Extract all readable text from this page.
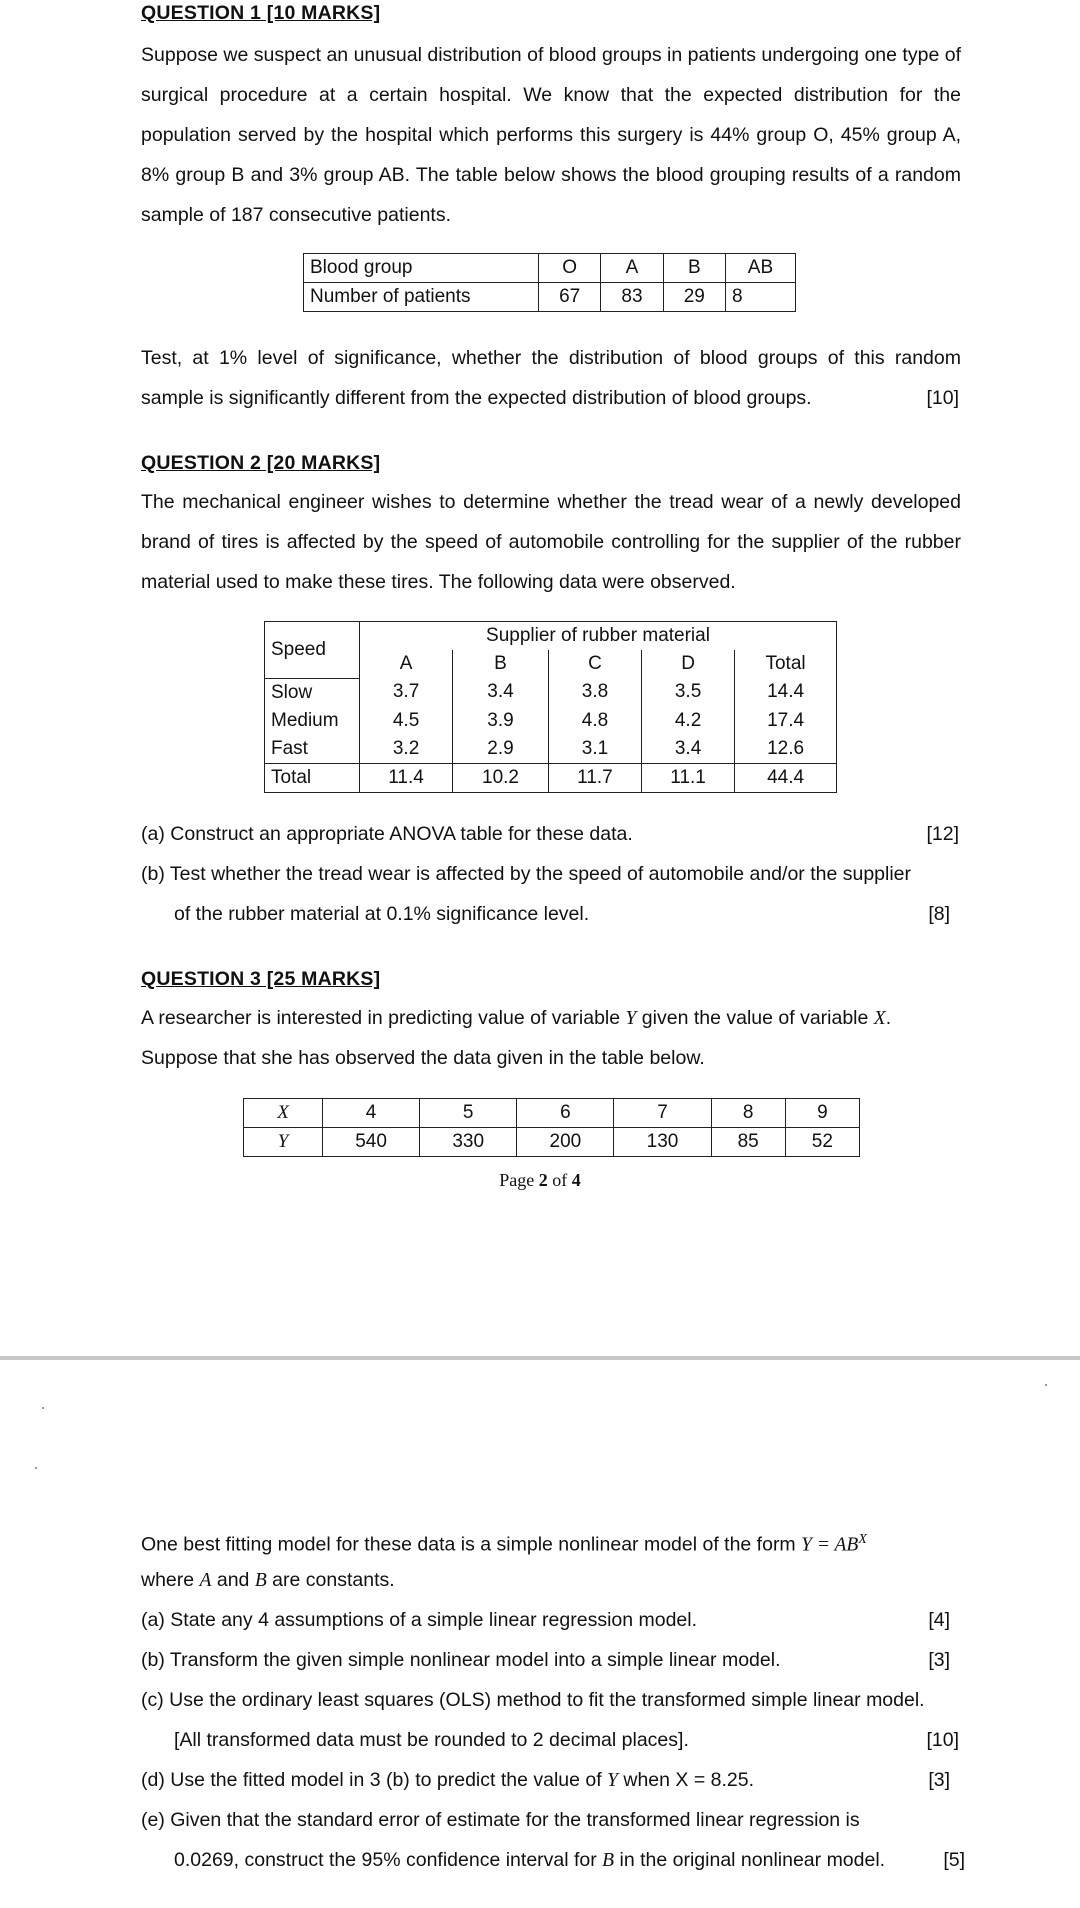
QUESTION 1 [10 MARKS]
Suppose we suspect an unusual distribution of blood groups in patients undergoing one type of surgical procedure at a certain hospital. We know that the expected distribution for the population served by the hospital which performs this surgery is 44% group O, 45% group A, 8% group B and 3% group AB. The table below shows the blood grouping results of a random sample of 187 consecutive patients.
Blood group	O	A	B	AB
Number of patients	67	83	29	8
Test, at 1% level of significance, whether the distribution of blood groups of this random sample is significantly different from the expected distribution of blood groups.	[10]
QUESTION 2 [20 MARKS]
The mechanical engineer wishes to determine whether the tread wear of a newly developed brand of tires is affected by the speed of automobile controlling for the supplier of the rubber material used to make these tires. The following data were observed.
Speed	Supplier of rubber material				
	A	B	C	D	Total
Slow	3.7	3.4	3.8	3.5	14.4
Medium	4.5	3.9	4.8	4.2	17.4
Fast	3.2	2.9	3.1	3.4	12.6
Total	11.4	10.2	11.7	11.1	44.4
(a) Construct an appropriate ANOVA table for these data.	[12]
(b) Test whether the tread wear is affected by the speed of automobile and/or the supplier
of the rubber material at 0.1% significance level.	[8]
QUESTION 3 [25 MARKS]
A researcher is interested in predicting value of variable Y given the value of variable X.
Suppose that she has observed the data given in the table below.
X	4	5	6	7	8	9
Y	540	330	200	130	85	52
Page 2 of 4
One best fitting model for these data is a simple nonlinear model of the form $Y = AB^X$
where A and B are constants.
(a) State any 4 assumptions of a simple linear regression model.	[4]
(b) Transform the given simple nonlinear model into a simple linear model.	[3]
(c) Use the ordinary least squares (OLS) method to fit the transformed simple linear model.
[All transformed data must be rounded to 2 decimal places].	[10]
(d) Use the fitted model in 3 (b) to predict the value of Y when X = 8.25.	[3]
(e) Given that the standard error of estimate for the transformed linear regression is
0.0269, construct the 95% confidence interval for B in the original nonlinear model.	[5]
